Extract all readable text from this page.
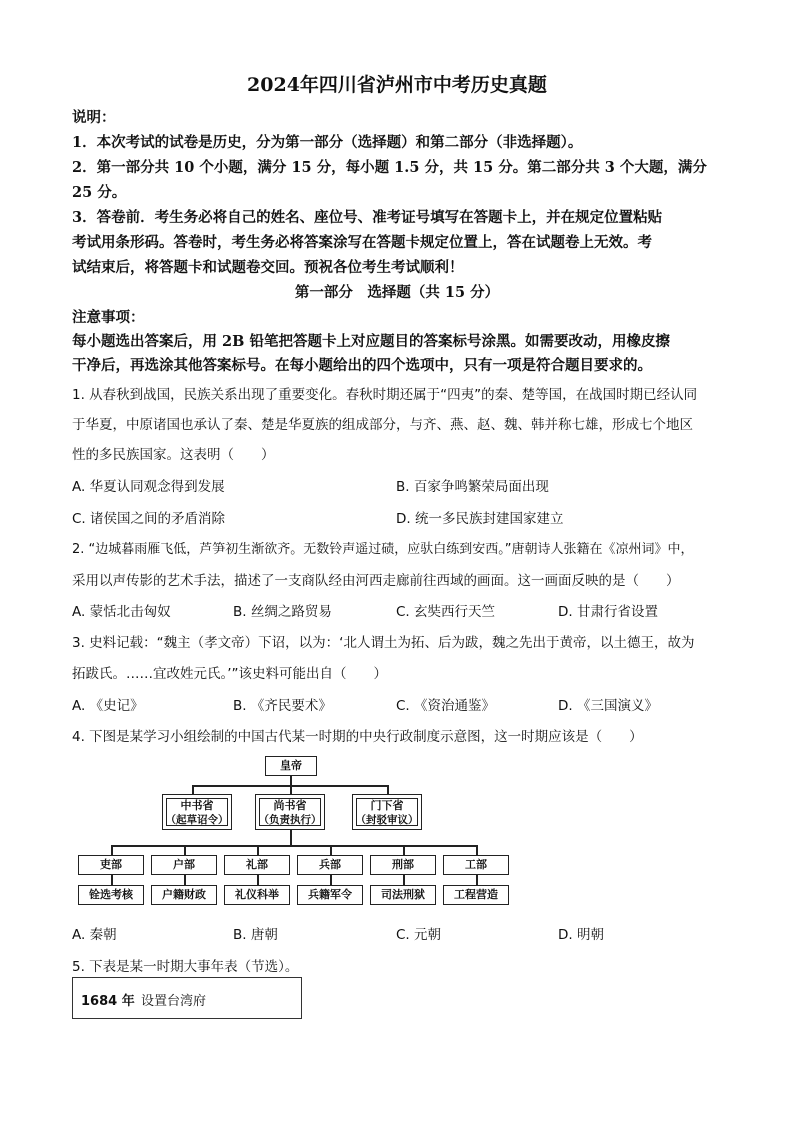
2024年四川省泸州市中考历史真题
说明：
1．本次考试的试卷是历史，分为第一部分（选择题）和第二部分（非选择题）。
2．第一部分共 10 个小题，满分 15 分，每小题 1.5 分，共 15 分。第二部分共 3 个大题，满分
25 分。
3．答卷前．考生务必将自己的姓名、座位号、准考证号填写在答题卡上，并在规定位置粘贴
考试用条形码。答卷时，考生务必将答案涂写在答题卡规定位置上，答在试题卷上无效。考
试结束后，将答题卡和试题卷交回。预祝各位考生考试顺利！
第一部分　选择题（共 15 分）
注意事项：
每小题选出答案后，用 2B 铅笔把答题卡上对应题目的答案标号涂黑。如需要改动，用橡皮擦
干净后，再选涂其他答案标号。在每小题给出的四个选项中，只有一项是符合题目要求的。
1. 从春秋到战国，民族关系出现了重要变化。春秋时期还属于“四夷”的秦、楚等国，在战国时期已经认同
于华夏，中原诸国也承认了秦、楚是华夏族的组成部分，与齐、燕、赵、魏、韩并称七雄，形成七个地区
性的多民族国家。这表明（　　）
A. 华夏认同观念得到发展	B. 百家争鸣繁荣局面出现
C. 诸侯国之间的矛盾消除	D. 统一多民族封建国家建立
2. “边城暮雨雁飞低，芦笋初生渐欲齐。无数铃声遥过碛，应驮白练到安西。”唐朝诗人张籍在《凉州词》中，
采用以声传影的艺术手法，描述了一支商队经由河西走廊前往西域的画面。这一画面反映的是（　　）
A. 蒙恬北击匈奴	B. 丝绸之路贸易	C. 玄奘西行天竺	D. 甘肃行省设置
3. 史料记载：“魏主（孝文帝）下诏，以为：‘北人谓土为拓、后为跋，魏之先出于黄帝，以土德王，故为
拓跋氏。……宜改姓元氏。’”该史料可能出自（　　）
A. 《史记》	B. 《齐民要术》	C. 《资治通鉴》	D. 《三国演义》
4. 下图是某学习小组绘制的中国古代某一时期的中央行政制度示意图，这一时期应该是（　　）
皇帝
中书省
（起草诏令）
尚书省
（负责执行）
门下省
（封驳审议）
吏部	户部	礼部	兵部	刑部	工部
铨选考核	户籍财政	礼仪科举	兵籍军令	司法刑狱	工程营造
A. 秦朝	B. 唐朝	C. 元朝	D. 明朝
5. 下表是某一时期大事年表（节选）。
1684 年 设置台湾府
